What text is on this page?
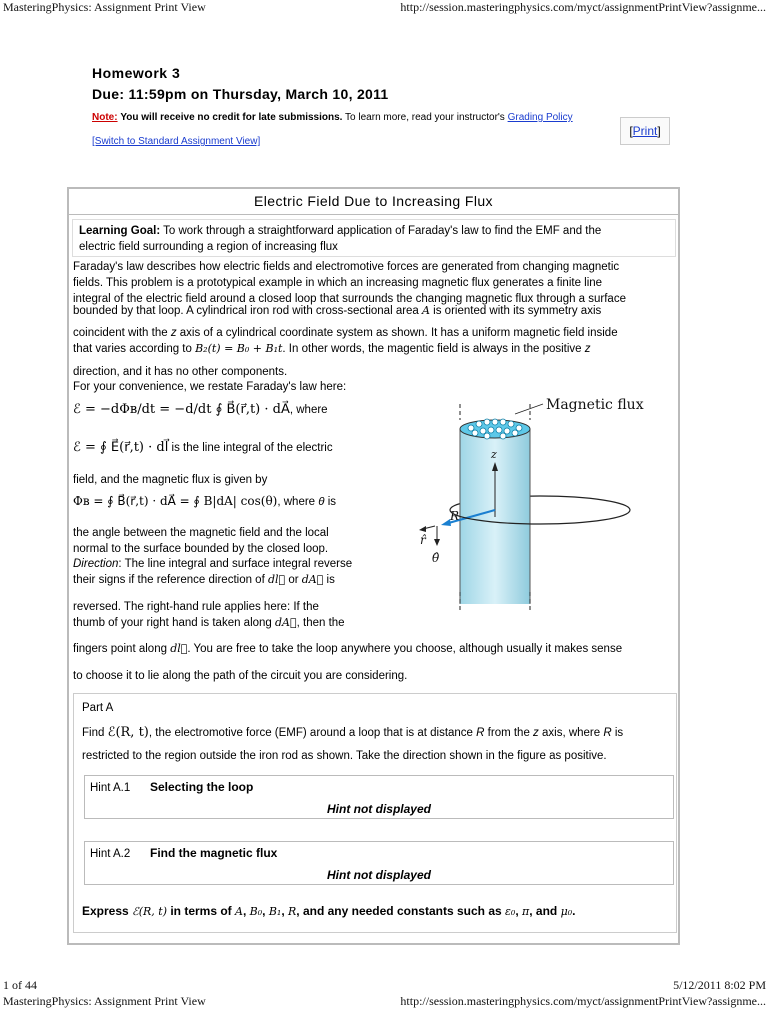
MasteringPhysics: Assignment Print View	http://session.masteringphysics.com/myct/assignmentPrintView?assignme...
1 of 44	5/12/2011 8:02 PM
MasteringPhysics: Assignment Print View	http://session.masteringphysics.com/myct/assignmentPrintView?assignme...
Homework 3
Due: 11:59pm on Thursday, March 10, 2011
Note: You will receive no credit for late submissions. To learn more, read your instructor's Grading Policy
[Switch to Standard Assignment View]
[ Print ]
Electric Field Due to Increasing Flux
Learning Goal: To work through a straightforward application of Faraday's law to find the EMF and the
electric field surrounding a region of increasing flux
Faraday's law describes how electric fields and electromotive forces are generated from changing magnetic
fields. This problem is a prototypical example in which an increasing magnetic flux generates a finite line
integral of the electric field around a closed loop that surrounds the changing magnetic flux through a surface
bounded by that loop. A cylindrical iron rod with cross-sectional area A is oriented with its symmetry axis
coincident with the z axis of a cylindrical coordinate system as shown. It has a uniform magnetic field inside
that varies according to B₂(t) = B₀ + B₁t. In other words, the magentic field is always in the positive z
direction, and it has no other components.
For your convenience, we restate Faraday's law here:
ℰ = −dΦʙ/dt = −d/dt ∮ B⃗(r⃗,t) · dA⃗, where
ℰ = ∮ E⃗(r⃗,t) · dl⃗ is the line integral of the electric
field, and the magnetic flux is given by
Φʙ = ∮ B⃗(r⃗,t) · dA⃗ = ∮ B|dA| cos(θ), where θ is
the angle between the magnetic field and the local
normal to the surface bounded by the closed loop.
Direction: The line integral and surface integral reverse
their signs if the reference direction of dl⃗ or dA⃗ is
reversed. The right-hand rule applies here: If the
thumb of your right hand is taken along dA⃗, then the
fingers point along dl⃗. You are free to take the loop anywhere you choose, although usually it makes sense
to choose it to lie along the path of the circuit you are considering.
Magnetic flux
z
R
r̂
θ̂
Part A
Find ℰ(R, t), the electromotive force (EMF) around a loop that is at distance R from the z axis, where R is
restricted to the region outside the iron rod as shown. Take the direction shown in the figure as positive.
Hint A.1 Selecting the loop
Hint not displayed
Hint A.2 Find the magnetic flux
Hint not displayed
Express ℰ(R, t) in terms of A, B₀, B₁, R, and any needed constants such as ε₀, π, and μ₀.
